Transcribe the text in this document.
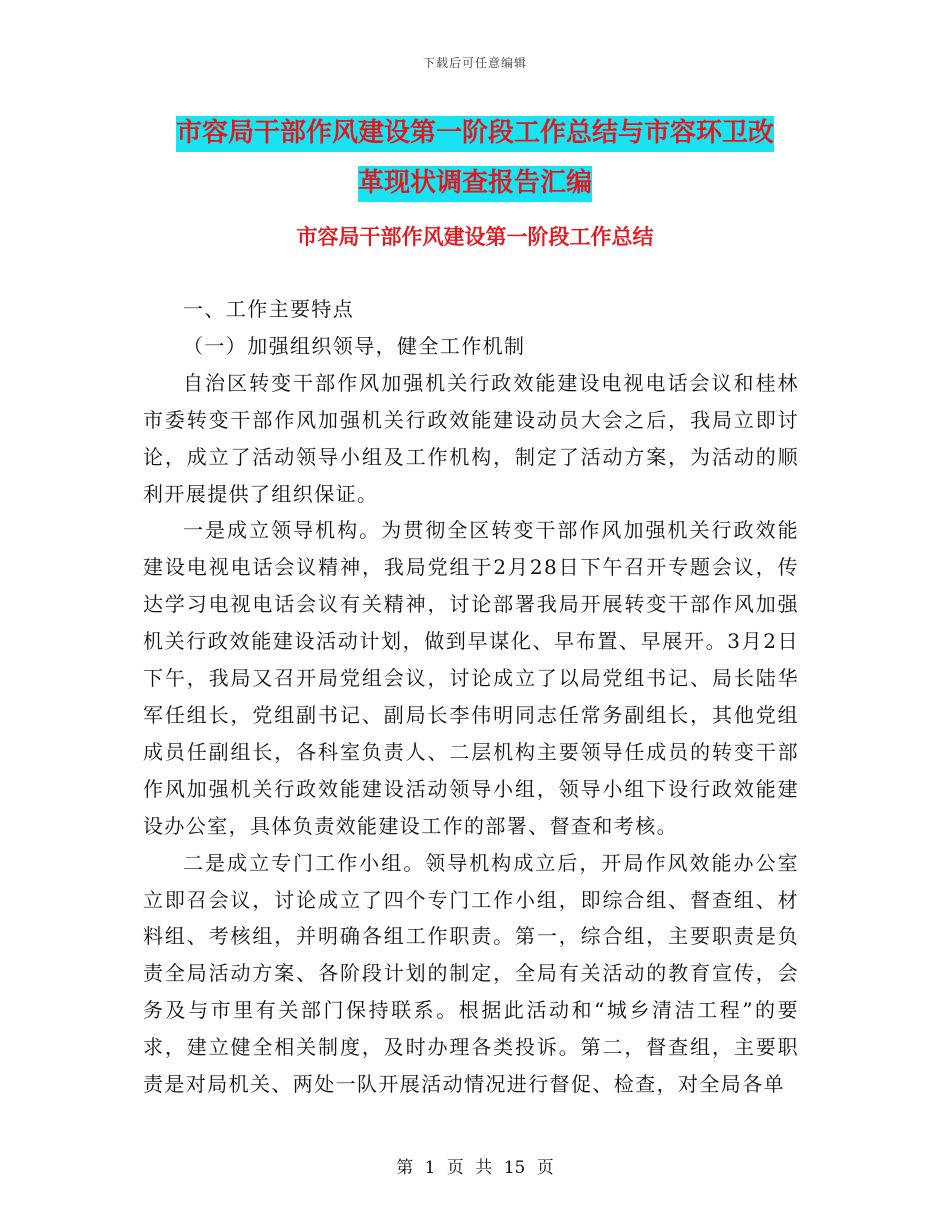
下载后可任意编辑
市容局干部作风建设第一阶段工作总结与市容环卫改
革现状调查报告汇编
市容局干部作风建设第一阶段工作总结

一、工作主要特点

（一）加强组织领导，健全工作机制

自治区转变干部作风加强机关行政效能建设电视电话会议和桂林市委转变干部作风加强机关行政效能建设动员大会之后，我局立即讨论，成立了活动领导小组及工作机构，制定了活动方案，为活动的顺利开展提供了组织保证。

一是成立领导机构。为贯彻全区转变干部作风加强机关行政效能建设电视电话会议精神，我局党组于2月28日下午召开专题会议，传达学习电视电话会议有关精神，讨论部署我局开展转变干部作风加强机关行政效能建设活动计划，做到早谋化、早布置、早展开。3月2日下午，我局又召开局党组会议，讨论成立了以局党组书记、局长陆华军任组长，党组副书记、副局长李伟明同志任常务副组长，其他党组成员任副组长，各科室负责人、二层机构主要领导任成员的转变干部作风加强机关行政效能建设活动领导小组，领导小组下设行政效能建设办公室，具体负责效能建设工作的部署、督查和考核。

二是成立专门工作小组。领导机构成立后，开局作风效能办公室立即召会议，讨论成立了四个专门工作小组，即综合组、督查组、材料组、考核组，并明确各组工作职责。第一，综合组，主要职责是负责全局活动方案、各阶段计划的制定，全局有关活动的教育宣传，会务及与市里有关部门保持联系。根据此活动和“城乡清洁工程”的要求，建立健全相关制度，及时办理各类投诉。第二，督查组，主要职责是对局机关、两处一队开展活动情况进行督促、检查，对全局各单

第 1 页 共 15 页
